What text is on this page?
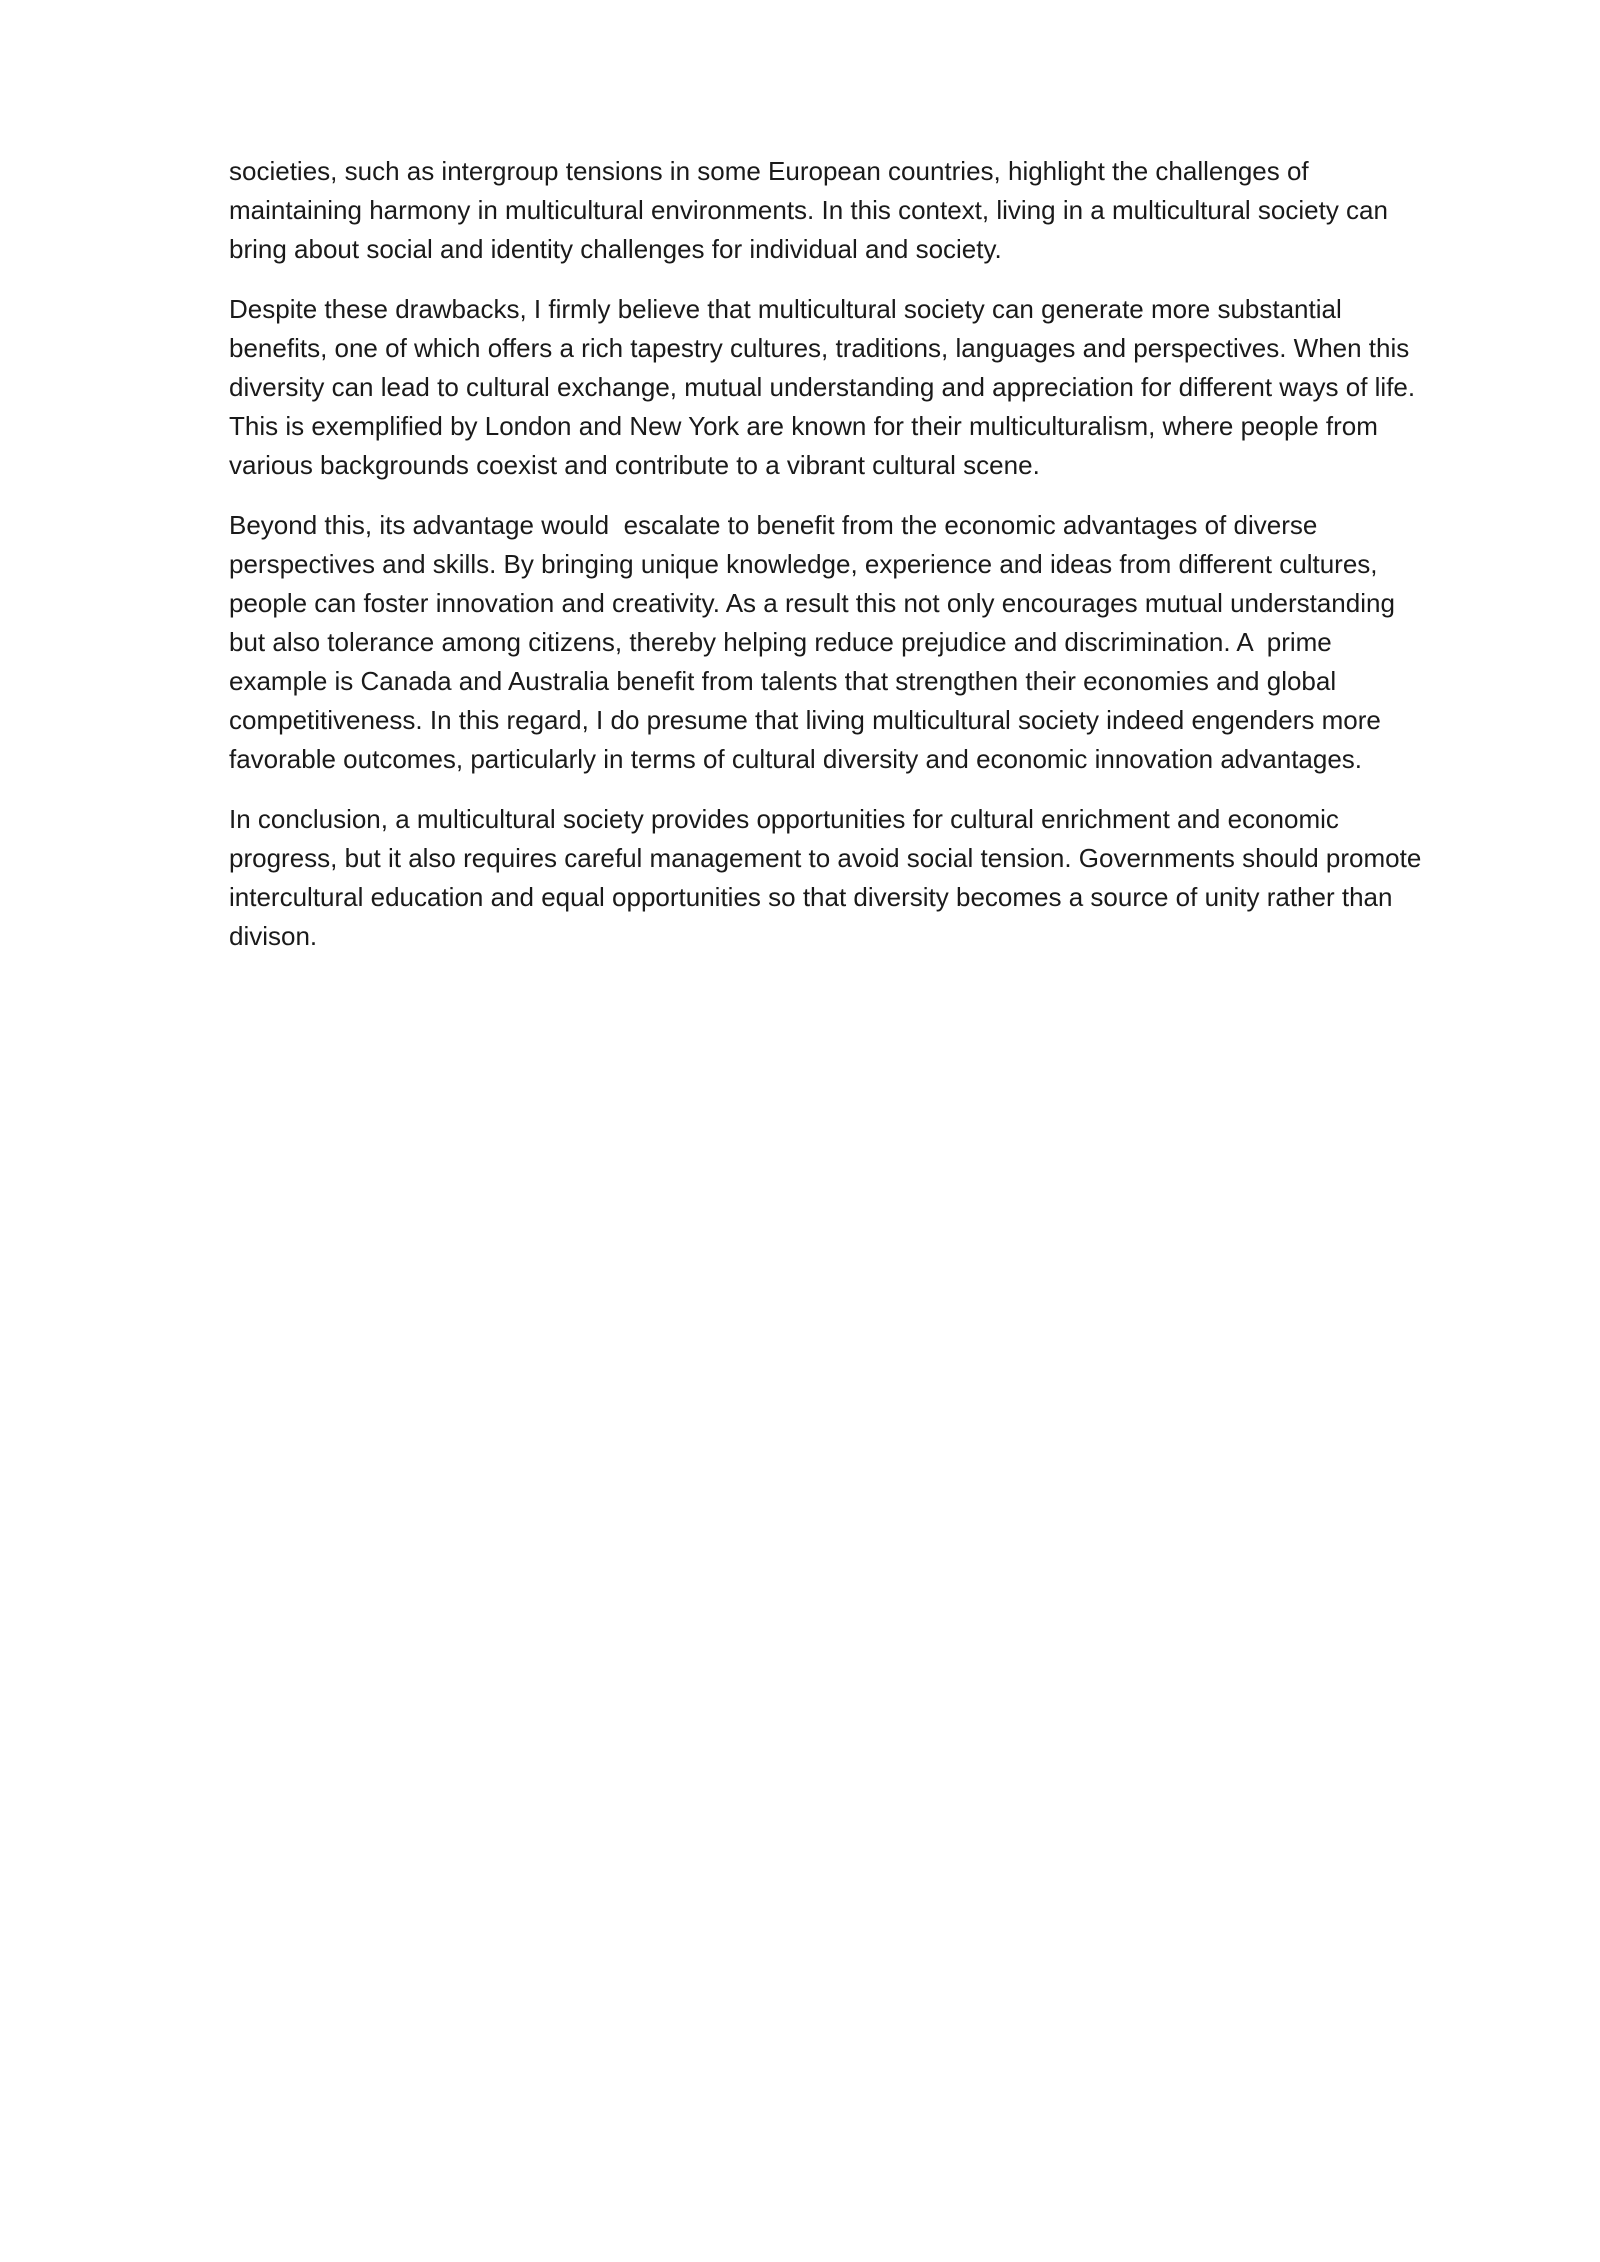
societies, such as intergroup tensions in some European countries, highlight the challenges of
maintaining harmony in multicultural environments. In this context, living in a multicultural society can
bring about social and identity challenges for individual and society.

Despite these drawbacks, I firmly believe that multicultural society can generate more substantial
benefits, one of which offers a rich tapestry cultures, traditions, languages and perspectives. When this
diversity can lead to cultural exchange, mutual understanding and appreciation for different ways of life.
This is exemplified by London and New York are known for their multiculturalism, where people from
various backgrounds coexist and contribute to a vibrant cultural scene.

Beyond this, its advantage would  escalate to benefit from the economic advantages of diverse
perspectives and skills. By bringing unique knowledge, experience and ideas from different cultures,
people can foster innovation and creativity. As a result this not only encourages mutual understanding
but also tolerance among citizens, thereby helping reduce prejudice and discrimination. A  prime
example is Canada and Australia benefit from talents that strengthen their economies and global
competitiveness. In this regard, I do presume that living multicultural society indeed engenders more
favorable outcomes, particularly in terms of cultural diversity and economic innovation advantages.

In conclusion, a multicultural society provides opportunities for cultural enrichment and economic
progress, but it also requires careful management to avoid social tension. Governments should promote
intercultural education and equal opportunities so that diversity becomes a source of unity rather than
divison.
